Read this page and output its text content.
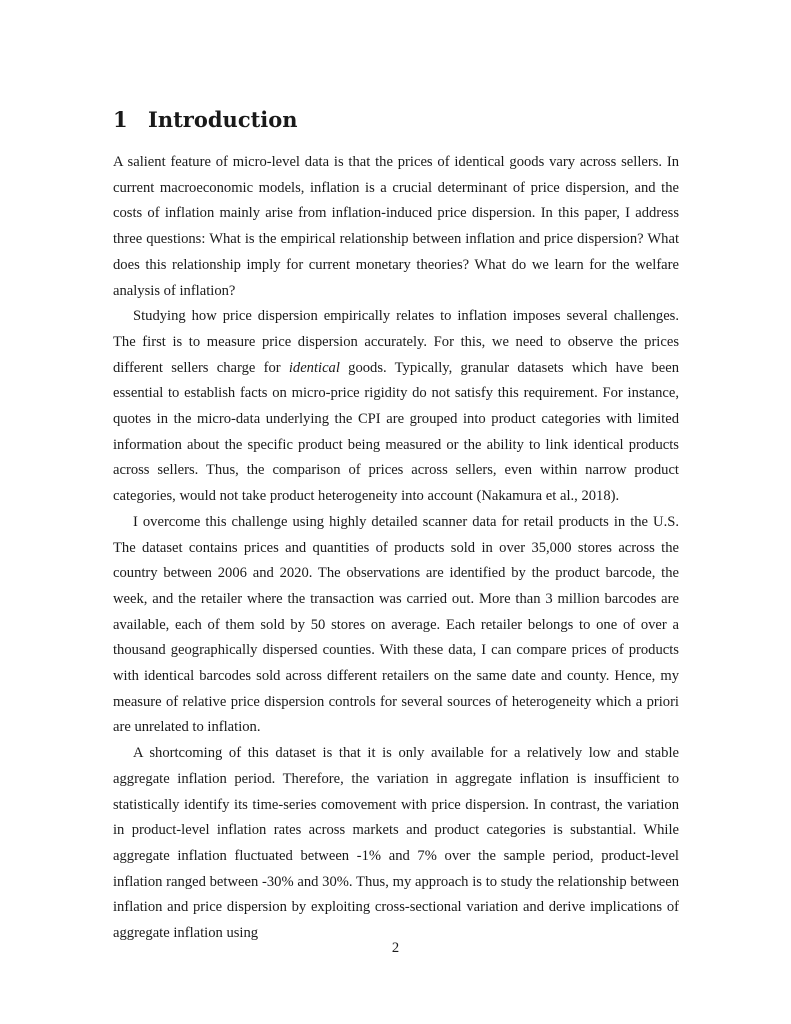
1 Introduction

A salient feature of micro-level data is that the prices of identical goods vary across sellers. In current macroeconomic models, inflation is a crucial determinant of price dispersion, and the costs of inflation mainly arise from inflation-induced price dispersion. In this paper, I address three questions: What is the empirical relationship between inflation and price dispersion? What does this relationship imply for current monetary theories? What do we learn for the welfare analysis of inflation?

Studying how price dispersion empirically relates to inflation imposes several challenges. The first is to measure price dispersion accurately. For this, we need to observe the prices different sellers charge for identical goods. Typically, granular datasets which have been essential to establish facts on micro-price rigidity do not satisfy this requirement. For instance, quotes in the micro-data underlying the CPI are grouped into product categories with limited information about the specific product being measured or the ability to link identical products across sellers. Thus, the comparison of prices across sellers, even within narrow product categories, would not take product heterogeneity into account (Nakamura et al., 2018).

I overcome this challenge using highly detailed scanner data for retail products in the U.S. The dataset contains prices and quantities of products sold in over 35,000 stores across the country between 2006 and 2020. The observations are identified by the product barcode, the week, and the retailer where the transaction was carried out. More than 3 million barcodes are available, each of them sold by 50 stores on average. Each retailer belongs to one of over a thousand geographically dispersed counties. With these data, I can compare prices of products with identical barcodes sold across different retailers on the same date and county. Hence, my measure of relative price dispersion controls for several sources of heterogeneity which a priori are unrelated to inflation.

A shortcoming of this dataset is that it is only available for a relatively low and stable aggregate inflation period. Therefore, the variation in aggregate inflation is insufficient to statistically identify its time-series comovement with price dispersion. In contrast, the variation in product-level inflation rates across markets and product categories is substantial. While aggregate inflation fluctuated between -1% and 7% over the sample period, product-level inflation ranged between -30% and 30%. Thus, my approach is to study the relationship between inflation and price dispersion by exploiting cross-sectional variation and derive implications of aggregate inflation using

2
